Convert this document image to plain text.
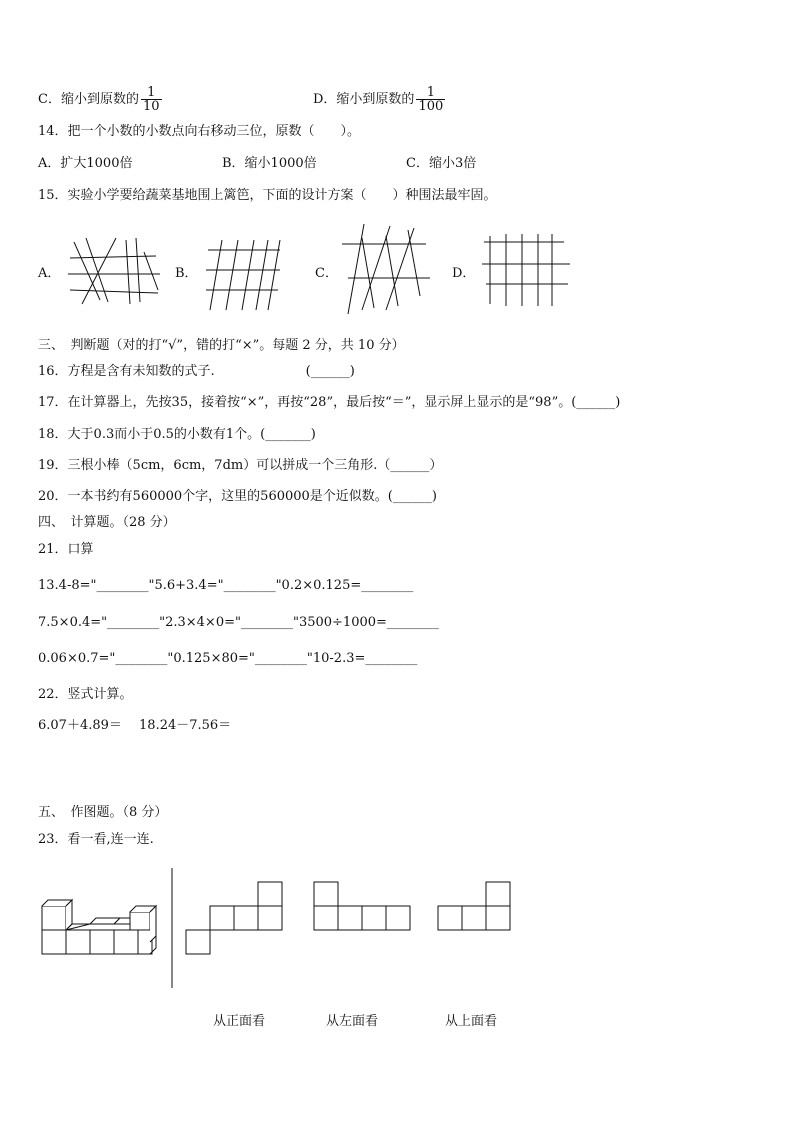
C．缩小到原数的 $\frac{1}{10}$	D．缩小到原数的 $\frac{1}{100}$
14．把一个小数的小数点向右移动三位，原数（　　）。
A．扩大1000倍	B．缩小1000倍	C．缩小3倍
15．实验小学要给蔬菜基地围上篱笆，下面的设计方案（　　）种围法最牢固。
A．	B．	C．	D．
三、　判断题（对的打“√”，错的打“×”。每题 2 分，共 10 分）
16．方程是含有未知数的式子.　　　　　　　(______)
17．在计算器上，先按35，接着按“×”，再按“28”，最后按“＝”，显示屏上显示的是“98”。(______)
18．大于0.3而小于0.5的小数有1个。(_______)
19．三根小棒（5cm，6cm，7dm）可以拼成一个三角形.（______）
20．一本书约有560000个字，这里的560000是个近似数。(______)
四、　计算题。（28 分）
21．口算
13.4-8="________"5.6+3.4="________"0.2×0.125=________
7.5×0.4="________"2.3×4×0="________"3500÷1000=________
0.06×0.7="________"0.125×80="________"10-2.3=________
22．竖式计算。
6.07＋4.89＝　 18.24－7.56＝
五、　作图题。（8 分）
23．看一看,连一连.
从正面看	从左面看	从上面看
